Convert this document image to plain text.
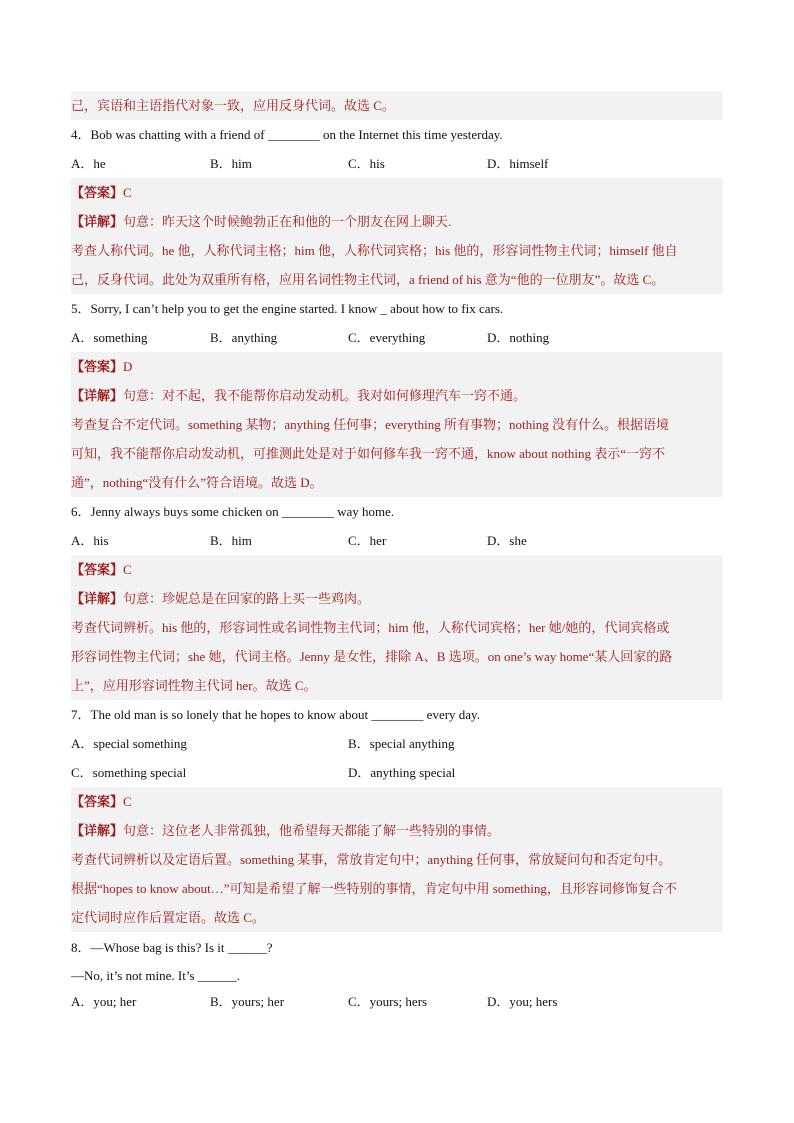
己，宾语和主语指代对象一致，应用反身代词。故选 C。
4．Bob was chatting with a friend of ________ on the Internet this time yesterday.
A．he	B．him	C．his	D．himself
【答案】C
【详解】句意：昨天这个时候鲍勃正在和他的一个朋友在网上聊天.
考查人称代词。he 他，人称代词主格；him 他，人称代词宾格；his 他的，形容词性物主代词；himself 他自
己，反身代词。此处为双重所有格，应用名词性物主代词，a friend of his 意为“他的一位朋友”。故选 C。
5．Sorry, I can’t help you to get the engine started. I know _ about how to fix cars.
A．something	B．anything	C．everything	D．nothing
【答案】D
【详解】句意：对不起，我不能帮你启动发动机。我对如何修理汽车一窍不通。
考查复合不定代词。something 某物；anything 任何事；everything 所有事物；nothing 没有什么。根据语境
可知，我不能帮你启动发动机，可推测此处是对于如何修车我一窍不通，know about nothing 表示“一窍不
通”，nothing“没有什么”符合语境。故选 D。
6．Jenny always buys some chicken on ________ way home.
A．his	B．him	C．her	D．she
【答案】C
【详解】句意：珍妮总是在回家的路上买一些鸡肉。
考查代词辨析。his 他的，形容词性或名词性物主代词；him 他，人称代词宾格；her 她/她的，代词宾格或
形容词性物主代词；she 她，代词主格。Jenny 是女性，排除 A、B 选项。on one’s way home“某人回家的路
上”，应用形容词性物主代词 her。故选 C。
7．The old man is so lonely that he hopes to know about ________ every day.
A．special something	B．special anything
C．something special	D．anything special
【答案】C
【详解】句意：这位老人非常孤独，他希望每天都能了解一些特别的事情。
考查代词辨析以及定语后置。something 某事，常放肯定句中；anything 任何事，常放疑问句和否定句中。
根据“hopes to know about…”可知是希望了解一些特别的事情，肯定句中用 something，且形容词修饰复合不
定代词时应作后置定语。故选 C。
8．—Whose bag is this? Is it ______?
—No, it’s not mine. It’s ______.
A．you; her	B．yours; her	C．yours; hers	D．you; hers
